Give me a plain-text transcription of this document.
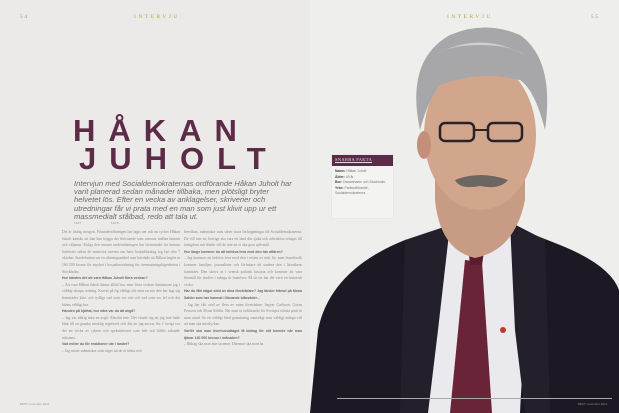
54	INTERVJU
HÅKAN
JUHOLT
Intervjun med Socialdemokraternas ordförande Håkan Juholt har varit planerad sedan månader tillbaka, men plötsligt bryter helvetet lös. Efter en vecka av anklagelser, skriverier och utredningar får vi prata med en man som just klivit upp ur ett massmedialt stålbad, redo att tala ut.
TEXT	FOTO

Det är tisdag morgon. Förundersökningen har lagts ner och nu tycker Håkan Juholt kanske att han kan bygga det förtroende som raserats mellan honom och väljarna. Enligt den senaste undersökningen har förtroendet för honom halverats sedan de intensiva turerna om hans bostadsbidrag tog fart den 7 oktober. Stardebutten var en riktningsartikel som hävdade att Håkan begärt ut 160 200 kronor för mycket i bostadsersättning för övernattningslägenheten i Stockholm.

Hur kändes det att vara Håkan Juholt förra veckan?

– Att vara Håkan Juholt känns alltid bra, men förra veckan åtminstone jag i väldigt skarpa ordalag. Kravet på fig väldigt tätt men nu när den har lagt sig framträder klart och tydligt vad som var rätt och vad som var fel och det känns väldigt bra.

Handen på hjärtat, hur nära var du att avgå?

– Jag var aldrig nära en avgå. Absolut inte. Det visade sig att jag inte hade känt till en ganska märklig regelverk och där tar jag ansvar för. I övrigt var det en vecka av rykten och spekulationer som helt och hållet saknade substans.

Vad möter du för reaktioner ute i landet?

– Jag möter människor som säger att de är trötta och

besvikna, människor som sätter stora förhoppningar till Socialdemokraterna. De vill inte att Sverige ska vara ett land där sjuka och arbetslösa tvingas till fattigdom och därför vill de inte att vi ska göra självmål.

Hur länge kommer du att behöva leva med den här affären?

– Jag kommer att behöva leva med den i resten av mitt liv, men framförallt kommer familjen, journalister och författare att studera den i lärorikens framtider. Den skrivs in i svensk politisk historia och kommer att vara föremål för studier i många år framöver. På så vis har det varit en historisk vecka.

Har du fått något stöd av dina företrädare? Jag tänker främst på Mona Sahlin som har hamnat i liknande blåsväder...

– Jag har fått stöd av flera av mina företrädare. Ingvar Carlsson, Göran Persson och Mona Sahlin. När man är ordförande för Sveriges största parti är man utsatt för en väldigt hård granskning samtidigt som väldigt många vill att man ska misslyckas.

Varför ska man överhuvudtaget få bidrag för sitt boende när man tjänar 140 000 kronor i månaden?

– Bidrag ska man inte tacemer. Däremot ska man ha

BEKT november 2011
INTERVJU	55
BEKT november 2011
SNABBA FAKTA
Namn: Håkan Juholt
Ålder: 49 år
Bor: Oskarshamn och Stockholm
Yrke: Partiordförande, Socialdemokraterna
